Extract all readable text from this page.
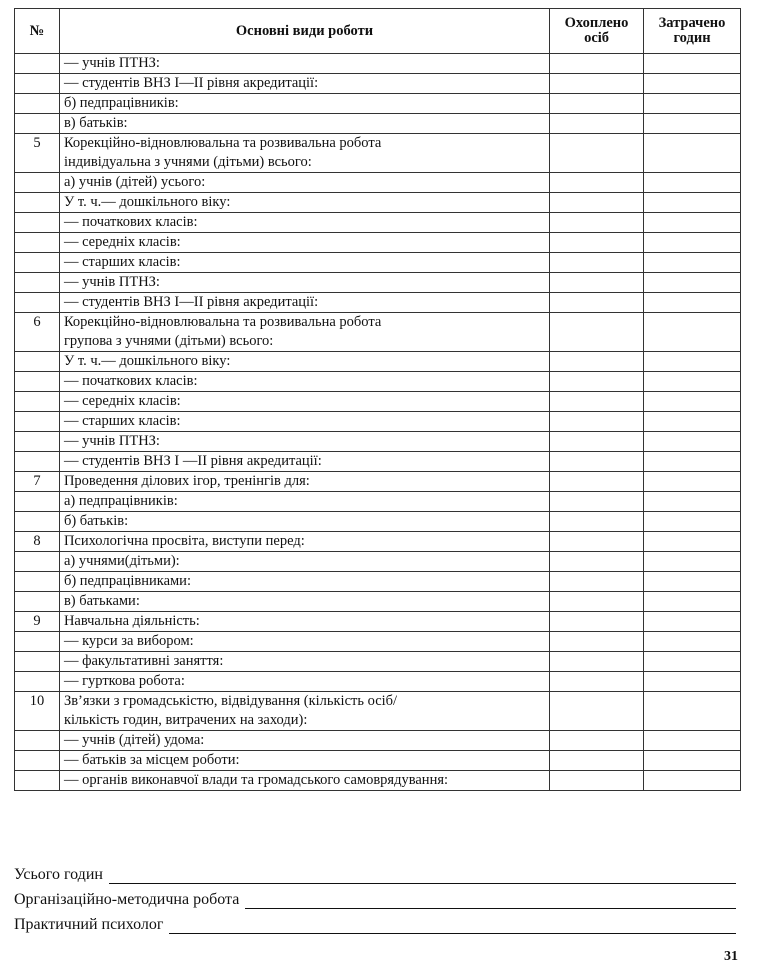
№	Основні види роботи	Охоплено осіб	Затрачено годин

	— учнів ПТНЗ:		

	— студентів ВНЗ І—ІІ рівня акредитації:		

	б) педпрацівників:		

	в) батьків:		

5	Корекційно-відновлювальна та розвивальна робота
індивідуальна з учнями (дітьми) всього:		

	а) учнів (дітей) усього:		

	У т. ч.— дошкільного віку:		

	— початкових класів:		

	— середніх класів:		

	— старших класів:		

	— учнів ПТНЗ:		

	— студентів ВНЗ І—ІІ рівня акредитації:		

6	Корекційно-відновлювальна та розвивальна робота
групова з учнями (дітьми) всього:		

	У т. ч.— дошкільного віку:		

	— початкових класів:		

	— середніх класів:		

	— старших класів:		

	— учнів ПТНЗ:		

	— студентів ВНЗ І —ІІ рівня акредитації:		

7	Проведення ділових ігор, тренінгів для:		

	а) педпрацівників:		

	б) батьків:		

8	Психологічна просвіта, виступи перед:		

	а) учнями(дітьми):		

	б) педпрацівниками:		

	в) батьками:		

9	Навчальна діяльність:		

	— курси за вибором:		

	— факультативні заняття:		

	— гурткова робота:		

10	Зв’язки з громадськістю, відвідування (кількість осіб/
кількість годин, витрачених на заходи):		

	— учнів (дітей) удома:		

	— батьків за місцем роботи:		

	— органів виконавчої влади та громадського самоврядування:		

Усього годин
Організаційно-методична робота
Практичний психолог
31
